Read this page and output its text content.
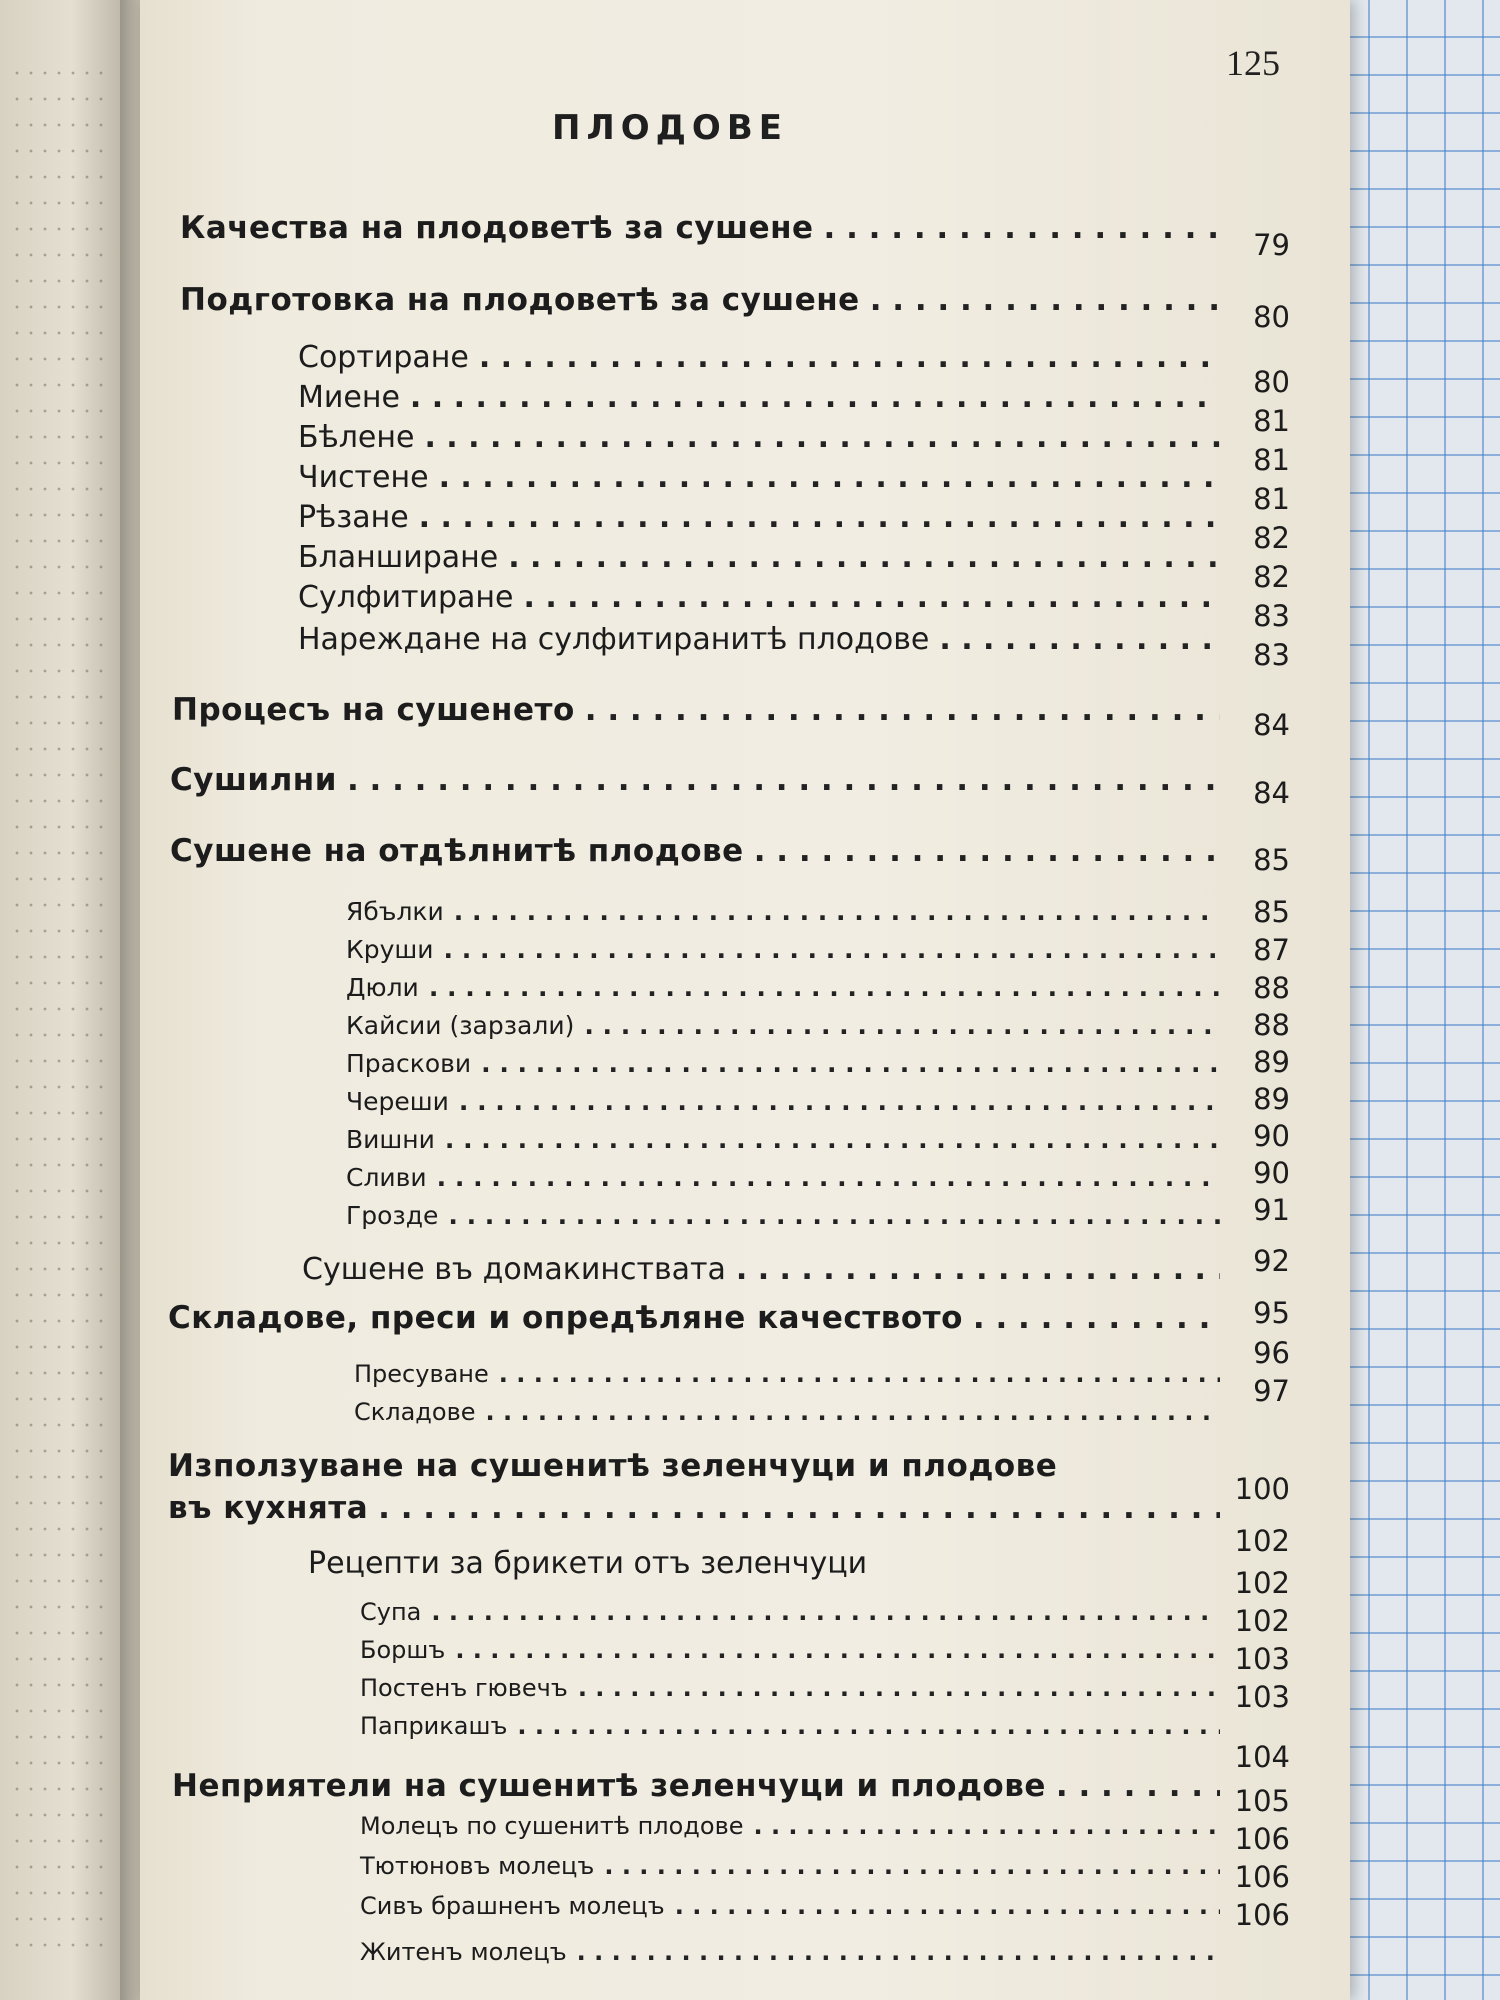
125
ПЛОДОВЕ
Качества на плодоветѣ за сушене
. .
Подготовка на плодоветѣ за сушене
. .
Сортиране
. .
Миене
. .
Бѣлене
. .
Чистене
. .
Рѣзане
. .
Бланширане
. .
Сулфитиране
. .
Нареждане на сулфитиранитѣ плодове
. .
Процесъ на сушенето
. .
Сушилни
. .
Сушене на отдѣлнитѣ плодове
. .
Ябълки
. .
Круши
. .
Дюли
. .
Кайсии (зарзали)
. .
Праскови
. .
Череши
. .
Вишни
. .
Сливи
. .
Грозде
. .
Сушене въ домакинствата
. .
Складове, преси и опредѣляне качеството
. .
Пресуване
. .
Складове
. .
Използуване на сушенитѣ зеленчуци и плодове
въ кухнята
. .
Рецепти за брикети отъ зеленчуци
Супа
. .
Боршъ
. .
Постенъ гювечъ
. .
Паприкашъ
. .
Неприятели на сушенитѣ зеленчуци и плодове
. .
Молецъ по сушенитѣ плодове
. .
Тютюновъ молецъ
. .
Сивъ брашненъ молецъ
. .
Житенъ молецъ
. .
79
80
80
81
81
81
82
82
83
83
84
84
85
85
87
88
88
89
89
90
90
91
92
95
96
97
100
102
102
102
103
103
104
105
106
106
106
